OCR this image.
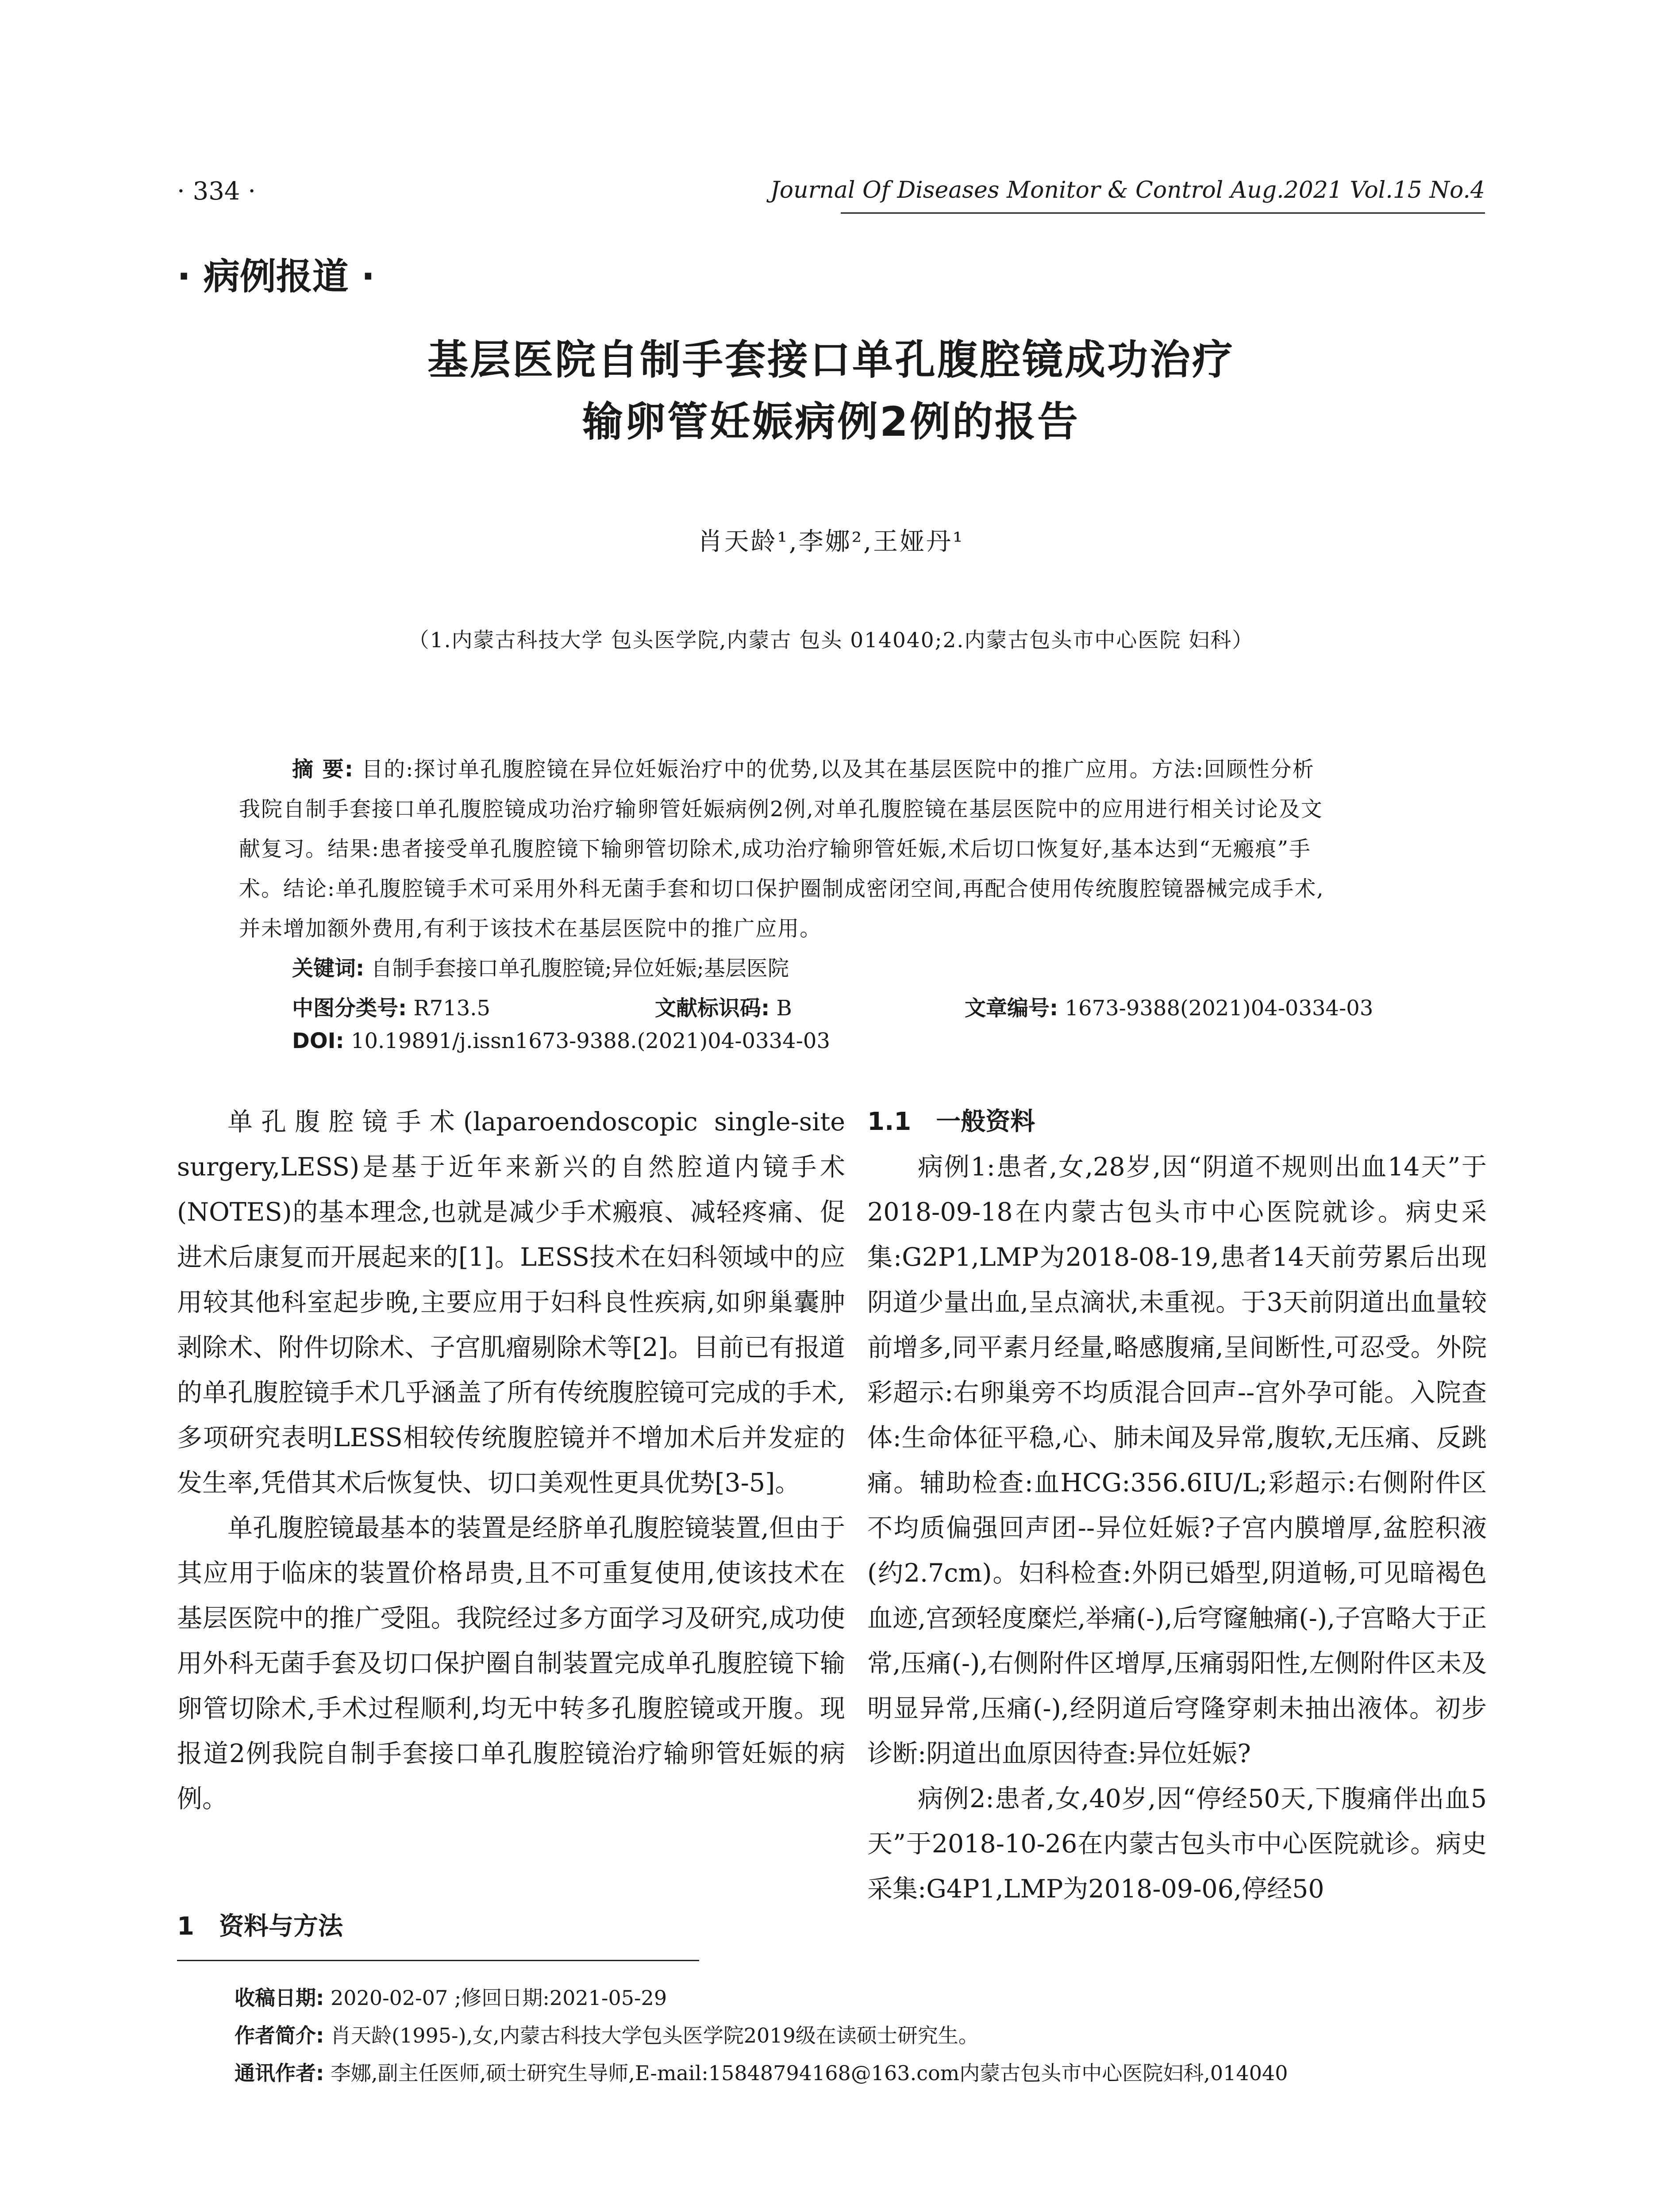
· 334 ·	Journal Of Diseases Monitor & Control Aug.2021 Vol.15 No.4
· 病例报道 ·
基层医院自制手套接口单孔腹腔镜成功治疗
输卵管妊娠病例2例的报告
肖天龄¹,李娜²,王娅丹¹
（1.内蒙古科技大学 包头医学院,内蒙古 包头 014040;2.内蒙古包头市中心医院 妇科）
摘 要: 目的:探讨单孔腹腔镜在异位妊娠治疗中的优势,以及其在基层医院中的推广应用。方法:回顾性分析
我院自制手套接口单孔腹腔镜成功治疗输卵管妊娠病例2例,对单孔腹腔镜在基层医院中的应用进行相关讨论及文
献复习。结果:患者接受单孔腹腔镜下输卵管切除术,成功治疗输卵管妊娠,术后切口恢复好,基本达到“无瘢痕”手
术。结论:单孔腹腔镜手术可采用外科无菌手套和切口保护圈制成密闭空间,再配合使用传统腹腔镜器械完成手术,
并未增加额外费用,有利于该技术在基层医院中的推广应用。
关键词: 自制手套接口单孔腹腔镜;异位妊娠;基层医院
中图分类号: R713.5	文献标识码: B	文章编号: 1673-9388(2021)04-0334-03
DOI: 10.19891/j.issn1673-9388.(2021)04-0334-03

单孔腹腔镜手术(laparoendoscopic single-site surgery,LESS)是基于近年来新兴的自然腔道内镜手术(NOTES)的基本理念,也就是减少手术瘢痕、减轻疼痛、促进术后康复而开展起来的[1]。LESS技术在妇科领域中的应用较其他科室起步晚,主要应用于妇科良性疾病,如卵巢囊肿剥除术、附件切除术、子宫肌瘤剔除术等[2]。目前已有报道的单孔腹腔镜手术几乎涵盖了所有传统腹腔镜可完成的手术,多项研究表明LESS相较传统腹腔镜并不增加术后并发症的发生率,凭借其术后恢复快、切口美观性更具优势[3-5]。

单孔腹腔镜最基本的装置是经脐单孔腹腔镜装置,但由于其应用于临床的装置价格昂贵,且不可重复使用,使该技术在基层医院中的推广受阻。我院经过多方面学习及研究,成功使用外科无菌手套及切口保护圈自制装置完成单孔腹腔镜下输卵管切除术,手术过程顺利,均无中转多孔腹腔镜或开腹。现报道2例我院自制手套接口单孔腹腔镜治疗输卵管妊娠的病例。

1　资料与方法
1.1　一般资料

病例1:患者,女,28岁,因“阴道不规则出血14天”于2018-09-18在内蒙古包头市中心医院就诊。病史采集:G2P1,LMP为2018-08-19,患者14天前劳累后出现阴道少量出血,呈点滴状,未重视。于3天前阴道出血量较前增多,同平素月经量,略感腹痛,呈间断性,可忍受。外院彩超示:右卵巢旁不均质混合回声--宫外孕可能。入院查体:生命体征平稳,心、肺未闻及异常,腹软,无压痛、反跳痛。辅助检查:血HCG:356.6IU/L;彩超示:右侧附件区不均质偏强回声团--异位妊娠?子宫内膜增厚,盆腔积液(约2.7cm)。妇科检查:外阴已婚型,阴道畅,可见暗褐色血迹,宫颈轻度糜烂,举痛(-),后穹窿触痛(-),子宫略大于正常,压痛(-),右侧附件区增厚,压痛弱阳性,左侧附件区未及明显异常,压痛(-),经阴道后穹隆穿刺未抽出液体。初步诊断:阴道出血原因待查:异位妊娠?

病例2:患者,女,40岁,因“停经50天,下腹痛伴出血5天”于2018-10-26在内蒙古包头市中心医院就诊。病史采集:G4P1,LMP为2018-09-06,停经50

收稿日期: 2020-02-07 ;修回日期:2021-05-29
作者简介: 肖天龄(1995-),女,内蒙古科技大学包头医学院2019级在读硕士研究生。
通讯作者: 李娜,副主任医师,硕士研究生导师,E-mail:15848794168@163.com内蒙古包头市中心医院妇科,014040
